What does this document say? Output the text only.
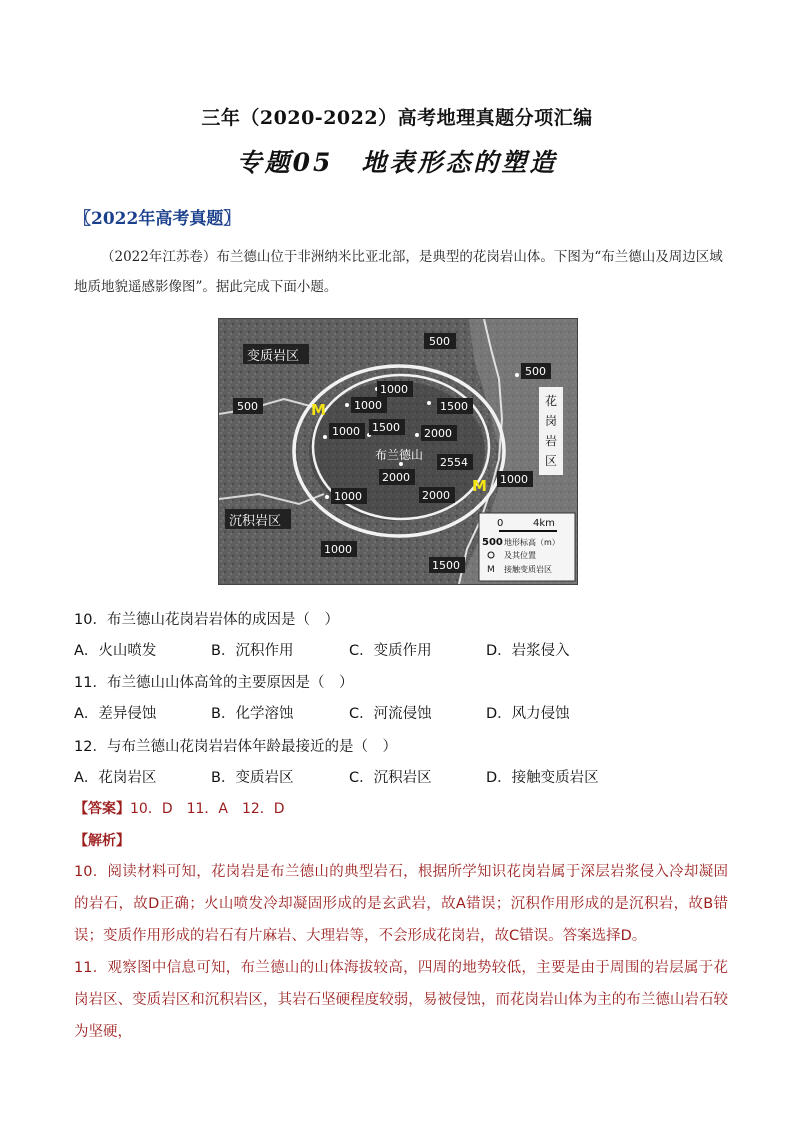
三年（2020-2022）高考地理真题分项汇编
专题05　地表形态的塑造
〖2022年高考真题〗
（2022年江苏卷）布兰德山位于非洲纳米比亚北部，是典型的花岗岩山体。下图为“布兰德山及周边区域地质地貌遥感影像图”。据此完成下面小题。
变质岩区
沉积岩区
花
岗
岩
区
500
500
500
1000
1000	1500
1000 1500 2000
布兰德山
2554
2000
1000	2000
1000
1000
1500
M
M
0	4km
500 地形标高（m）
及其位置
M 接触变质岩区
10．布兰德山花岗岩岩体的成因是（　）
A．火山喷发	B．沉积作用	C．变质作用	D．岩浆侵入
11．布兰德山山体高耸的主要原因是（　）
A．差异侵蚀	B．化学溶蚀	C．河流侵蚀	D．风力侵蚀
12．与布兰德山花岗岩岩体年龄最接近的是（　）
A．花岗岩区	B．变质岩区	C．沉积岩区	D．接触变质岩区
【答案】10．D　11．A　12．D
【解析】
10．阅读材料可知，花岗岩是布兰德山的典型岩石，根据所学知识花岗岩属于深层岩浆侵入冷却凝固的岩石，故D正确；火山喷发冷却凝固形成的是玄武岩，故A错误；沉积作用形成的是沉积岩，故B错误；变质作用形成的岩石有片麻岩、大理岩等，不会形成花岗岩，故C错误。答案选择D。
11．观察图中信息可知，布兰德山的山体海拔较高，四周的地势较低，主要是由于周围的岩层属于花岗岩区、变质岩区和沉积岩区，其岩石坚硬程度较弱，易被侵蚀，而花岗岩山体为主的布兰德山岩石较为坚硬，
